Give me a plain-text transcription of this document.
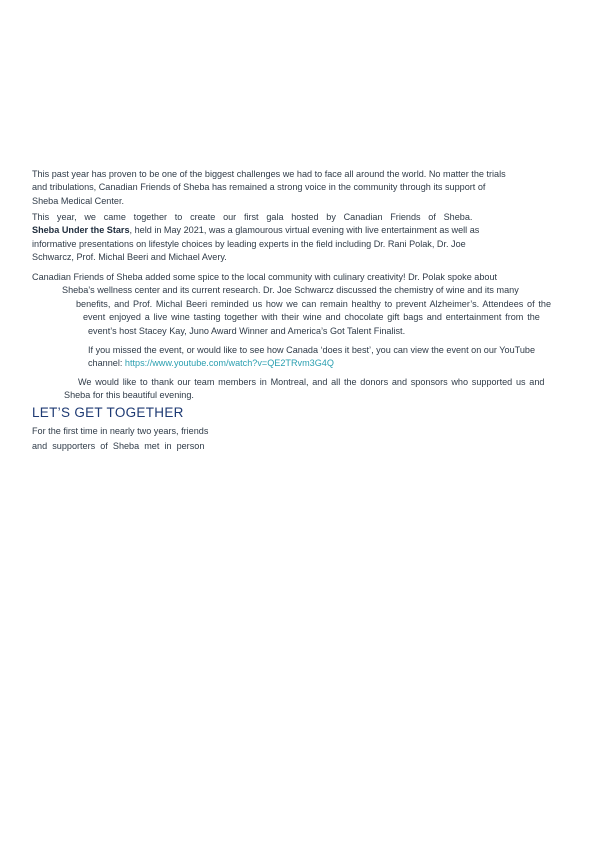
This past year has proven to be one of the biggest challenges we had to face all around the world. No matter the trials
and tribulations, Canadian Friends of Sheba has remained a strong voice in the community through its support of
Sheba Medical Center.
This year, we came together to create our first gala hosted by Canadian Friends of Sheba.
Sheba Under the Stars, held in May 2021, was a glamourous virtual evening with live entertainment as well as
informative presentations on lifestyle choices by leading experts in the field including Dr. Rani Polak, Dr. Joe
Schwarcz, Prof. Michal Beeri and Michael Avery.
Canadian Friends of Sheba added some spice to the local community with culinary creativity! Dr. Polak spoke about
Sheba’s wellness center and its current research. Dr. Joe Schwarcz discussed the chemistry of wine and its many
benefits, and Prof. Michal Beeri reminded us how we can remain healthy to prevent Alzheimer’s. Attendees of the
event enjoyed a live wine tasting together with their wine and chocolate gift bags and entertainment from the
event’s host Stacey Kay, Juno Award Winner and America’s Got Talent Finalist.
If you missed the event, or would like to see how Canada ‘does it best’, you can view the event on our YouTube
channel: https://www.youtube.com/watch?v=QE2TRvm3G4Q
We would like to thank our team members in Montreal, and all the donors and sponsors who supported us and
Sheba for this beautiful evening.
LET’S GET TOGETHER
For the first time in nearly two years, friends
and  supporters  of  Sheba  met  in  person
